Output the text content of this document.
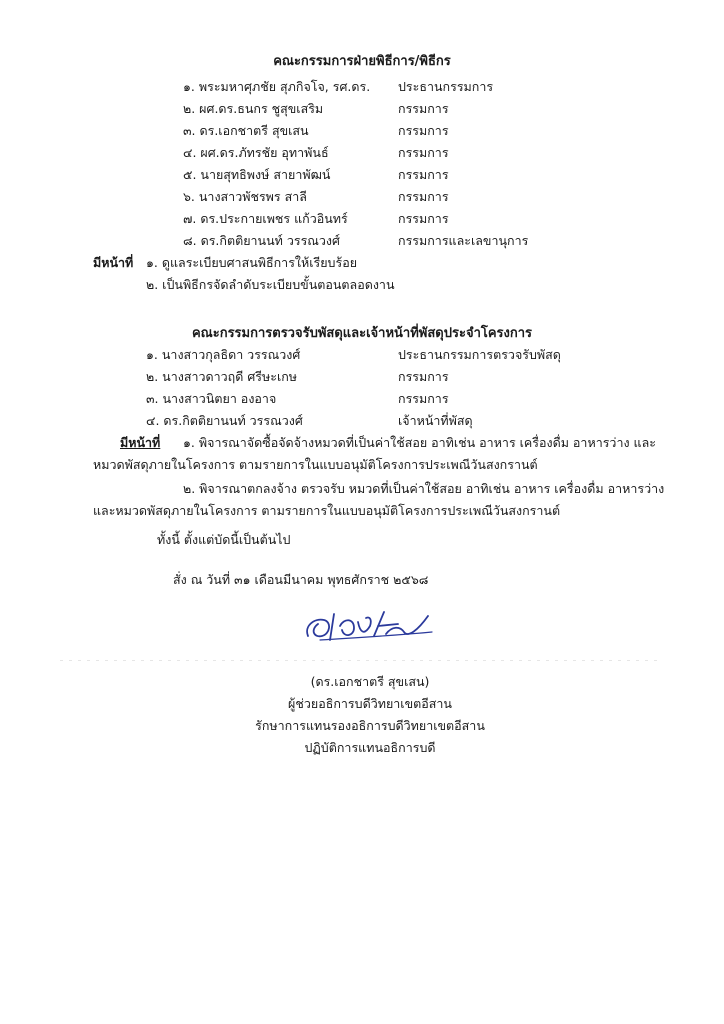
คณะกรรมการฝ่ายพิธีการ/พิธีกร
๑. พระมหาศุภชัย สุภกิจโจ, รศ.ดร. ประธานกรรมการ
๒. ผศ.ดร.ธนกร ชูสุขเสริม	กรรมการ
๓. ดร.เอกชาตรี สุขเสน	กรรมการ
๔. ผศ.ดร.ภัทรชัย อุทาพันธ์	กรรมการ
๕. นายสุทธิพงษ์ สายาพัฒน์	กรรมการ
๖. นางสาวพัชรพร สาลี	กรรมการ
๗. ดร.ประกายเพชร แก้วอินทร์	กรรมการ
๘. ดร.กิตติยานนท์ วรรณวงศ์	กรรมการและเลขานุการ
มีหน้าที่ ๑. ดูแลระเบียบศาสนพิธีการให้เรียบร้อย
๒. เป็นพิธีกรจัดลำดับระเบียบขั้นตอนตลอดงาน
คณะกรรมการตรวจรับพัสดุและเจ้าหน้าที่พัสดุประจำโครงการ
๑. นางสาวกุลธิดา วรรณวงศ์	ประธานกรรมการตรวจรับพัสดุ
๒. นางสาวดาวฤดี ศรีษะเกษ	กรรมการ
๓. นางสาวนิตยา องอาจ	กรรมการ
๔. ดร.กิตติยานนท์ วรรณวงศ์	เจ้าหน้าที่พัสดุ
มีหน้าที่ ๑. พิจารณาจัดซื้อจัดจ้างหมวดที่เป็นค่าใช้สอย อาทิเช่น อาหาร เครื่องดื่ม อาหารว่าง และ
หมวดพัสดุภายในโครงการ ตามรายการในแบบอนุมัติโครงการประเพณีวันสงกรานต์
๒. พิจารณาตกลงจ้าง ตรวจรับ หมวดที่เป็นค่าใช้สอย อาทิเช่น อาหาร เครื่องดื่ม อาหารว่าง
และหมวดพัสดุภายในโครงการ ตามรายการในแบบอนุมัติโครงการประเพณีวันสงกรานต์
ทั้งนี้ ตั้งแต่บัดนี้เป็นต้นไป
สั่ง ณ วันที่ ๓๑ เดือนมีนาคม พุทธศักราช ๒๕๖๘
(ดร.เอกชาตรี สุขเสน)
ผู้ช่วยอธิการบดีวิทยาเขตอีสาน
รักษาการแทนรองอธิการบดีวิทยาเขตอีสาน
ปฏิบัติการแทนอธิการบดี
